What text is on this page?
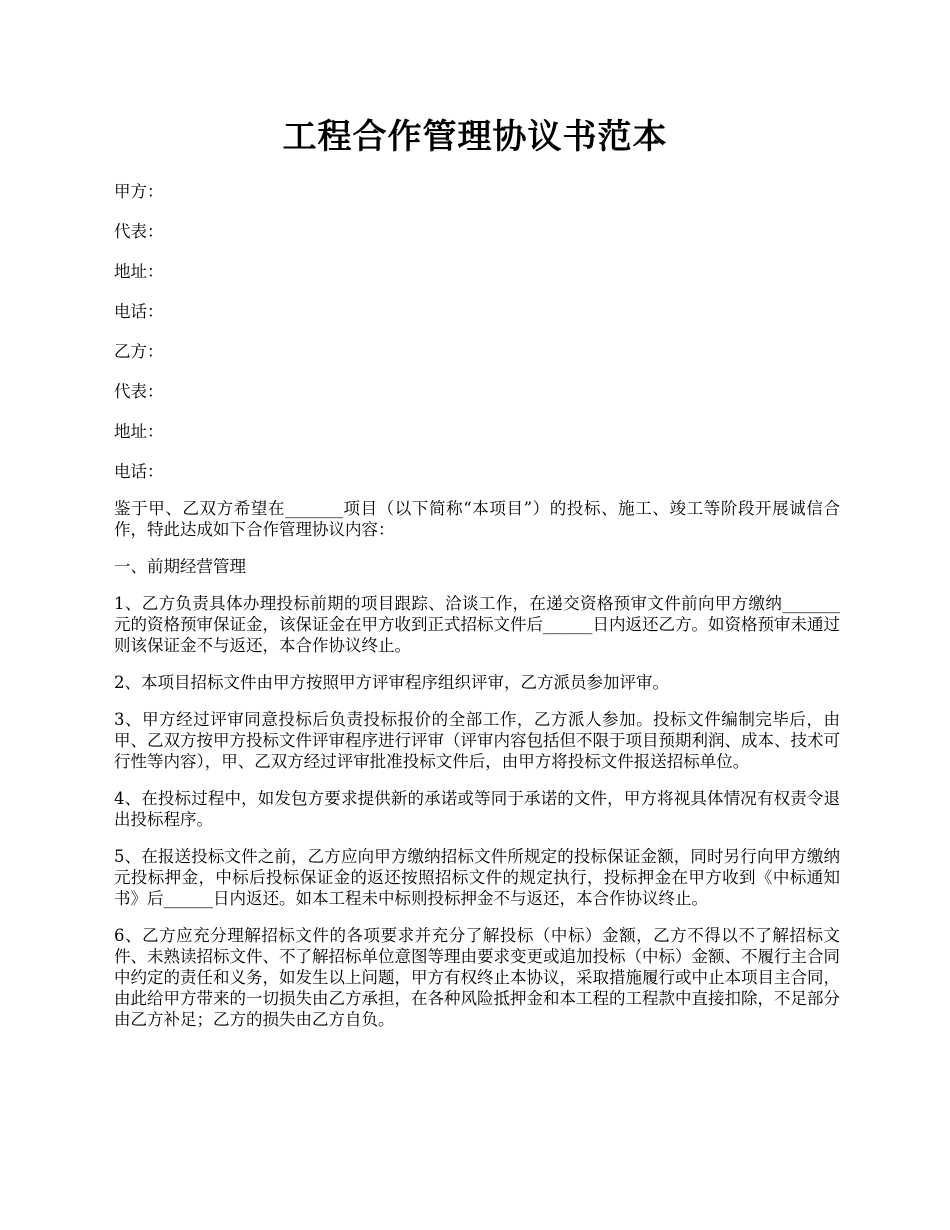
工程合作管理协议书范本

甲方：

代表：

地址：

电话：

乙方：

代表：

地址：

电话：

鉴于甲、乙双方希望在_______项目（以下简称“本项目”）的投标、施工、竣工等阶段开展诚信合作，特此达成如下合作管理协议内容：

一、前期经营管理

1、乙方负责具体办理投标前期的项目跟踪、洽谈工作，在递交资格预审文件前向甲方缴纳_______元的资格预审保证金，该保证金在甲方收到正式招标文件后______日内返还乙方。如资格预审未通过则该保证金不与返还，本合作协议终止。

2、本项目招标文件由甲方按照甲方评审程序组织评审，乙方派员参加评审。

3、甲方经过评审同意投标后负责投标报价的全部工作，乙方派人参加。投标文件编制完毕后，由甲、乙双方按甲方投标文件评审程序进行评审（评审内容包括但不限于项目预期利润、成本、技术可行性等内容），甲、乙双方经过评审批准投标文件后，由甲方将投标文件报送招标单位。

4、在投标过程中，如发包方要求提供新的承诺或等同于承诺的文件，甲方将视具体情况有权责令退出投标程序。

5、在报送投标文件之前，乙方应向甲方缴纳招标文件所规定的投标保证金额，同时另行向甲方缴纳元投标押金，中标后投标保证金的返还按照招标文件的规定执行，投标押金在甲方收到《中标通知书》后______日内返还。如本工程未中标则投标押金不与返还，本合作协议终止。

6、乙方应充分理解招标文件的各项要求并充分了解投标（中标）金额，乙方不得以不了解招标文件、未熟读招标文件、不了解招标单位意图等理由要求变更或追加投标（中标）金额、不履行主合同中约定的责任和义务，如发生以上问题，甲方有权终止本协议，采取措施履行或中止本项目主合同，由此给甲方带来的一切损失由乙方承担，在各种风险抵押金和本工程的工程款中直接扣除，不足部分由乙方补足；乙方的损失由乙方自负。
